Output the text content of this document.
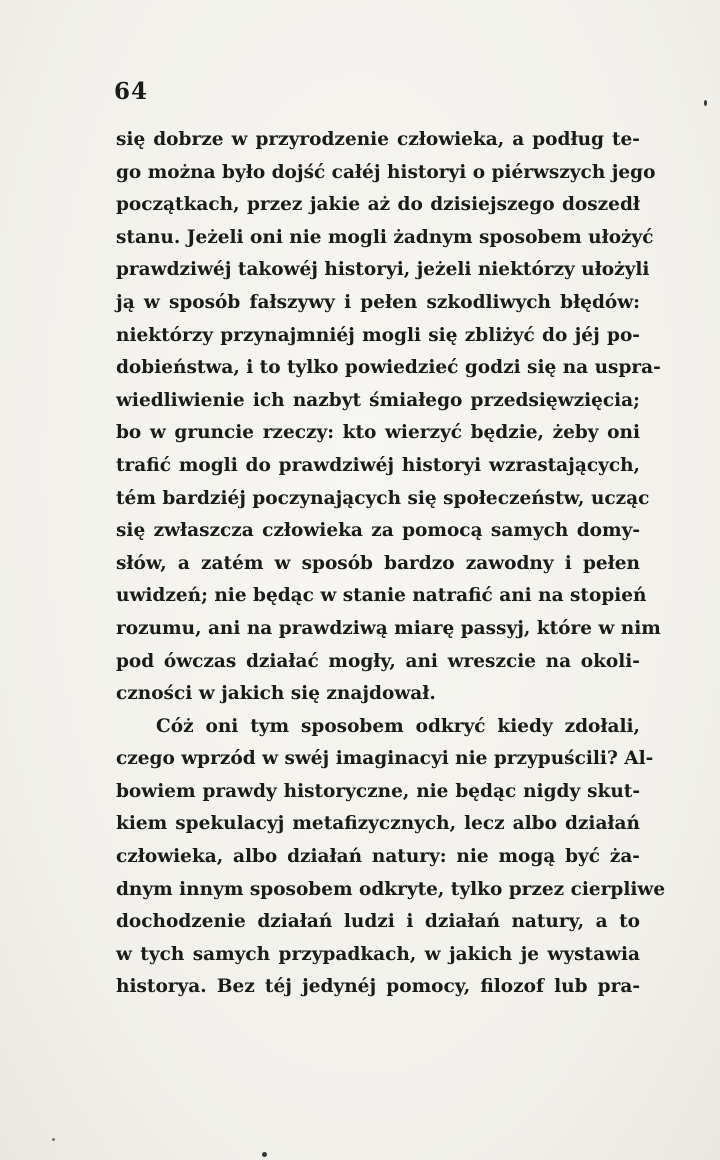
64
się dobrze w przyrodzenie człowieka, a podług te-
go można było dojść całéj historyi o piérwszych jego
początkach, przez jakie aż do dzisiejszego doszedł
stanu. Jeżeli oni nie mogli żadnym sposobem ułożyć
prawdziwéj takowéj historyi, jeżeli niektórzy ułożyli
ją w sposób fałszywy i pełen szkodliwych błędów:
niektórzy przynajmniéj mogli się zbliżyć do jéj po-
dobieństwa, i to tylko powiedzieć godzi się na uspra-
wiedliwienie ich nazbyt śmiałego przedsięwzięcia;
bo w gruncie rzeczy: kto wierzyć będzie, żeby oni
trafić mogli do prawdziwéj historyi wzrastających,
tém bardziéj poczynających się społeczeństw, ucząc
się zwłaszcza człowieka za pomocą samych domy-
słów, a zatém w sposób bardzo zawodny i pełen
uwidzeń; nie będąc w stanie natrafić ani na stopień
rozumu, ani na prawdziwą miarę passyj, które w nim
pod ówczas działać mogły, ani wreszcie na okoli-
czności w jakich się znajdował.
Cóż oni tym sposobem odkryć kiedy zdołali,
czego wprzód w swéj imaginacyi nie przypuścili? Al-
bowiem prawdy historyczne, nie będąc nigdy skut-
kiem spekulacyj metafizycznych, lecz albo działań
człowieka, albo działań natury: nie mogą być ża-
dnym innym sposobem odkryte, tylko przez cierpliwe
dochodzenie działań ludzi i działań natury, a to
w tych samych przypadkach, w jakich je wystawia
historya. Bez téj jedynéj pomocy, filozof lub pra-
